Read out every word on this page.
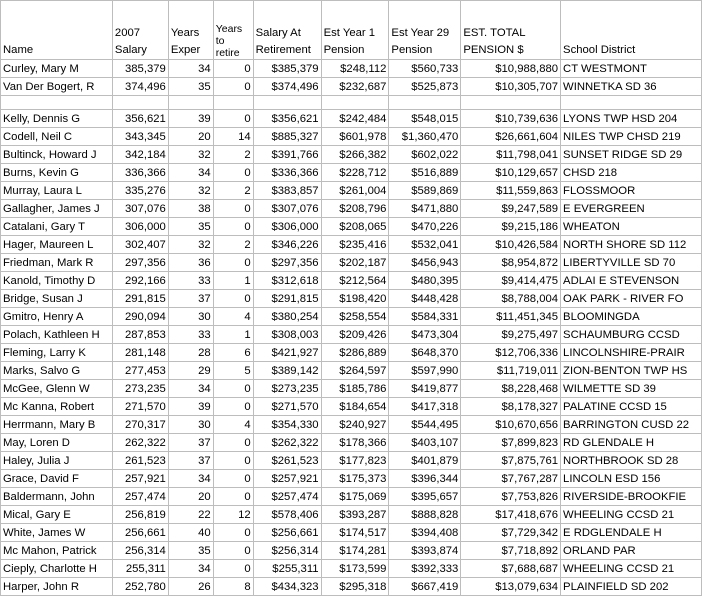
Name	2007 Salary	Years Exper	Years to retire	Salary At Retirement	Est Year 1 Pension	Est Year 29 Pension	EST. TOTAL PENSION $	School District
Curley, Mary M	385,379	34	0	$385,379	$248,112	$560,733	$10,988,880	CT WESTMONT
Van Der Bogert, R	374,496	35	0	$374,496	$232,687	$525,873	$10,305,707	WINNETKA SD 36

Kelly, Dennis G	356,621	39	0	$356,621	$242,484	$548,015	$10,739,636	LYONS TWP HSD 204
Codell, Neil C	343,345	20	14	$885,327	$601,978	$1,360,470	$26,661,604	NILES TWP CHSD 219
Bultinck, Howard J	342,184	32	2	$391,766	$266,382	$602,022	$11,798,041	SUNSET RIDGE SD 29
Burns, Kevin G	336,366	34	0	$336,366	$228,712	$516,889	$10,129,657	CHSD 218
Murray, Laura L	335,276	32	2	$383,857	$261,004	$589,869	$11,559,863	FLOSSMOOR
Gallagher, James J	307,076	38	0	$307,076	$208,796	$471,880	$9,247,589	E EVERGREEN
Catalani, Gary T	306,000	35	0	$306,000	$208,065	$470,226	$9,215,186	WHEATON
Hager, Maureen L	302,407	32	2	$346,226	$235,416	$532,041	$10,426,584	NORTH SHORE SD 112
Friedman, Mark R	297,356	36	0	$297,356	$202,187	$456,943	$8,954,872	LIBERTYVILLE SD 70
Kanold, Timothy D	292,166	33	1	$312,618	$212,564	$480,395	$9,414,475	ADLAI E STEVENSON
Bridge, Susan J	291,815	37	0	$291,815	$198,420	$448,428	$8,788,004	OAK PARK - RIVER FO
Gmitro, Henry A	290,094	30	4	$380,254	$258,554	$584,331	$11,451,345	BLOOMINGDA
Polach, Kathleen H	287,853	33	1	$308,003	$209,426	$473,304	$9,275,497	SCHAUMBURG CCSD
Fleming, Larry K	281,148	28	6	$421,927	$286,889	$648,370	$12,706,336	LINCOLNSHIRE-PRAIR
Marks, Salvo G	277,453	29	5	$389,142	$264,597	$597,990	$11,719,011	ZION-BENTON TWP HS
McGee, Glenn W	273,235	34	0	$273,235	$185,786	$419,877	$8,228,468	WILMETTE SD 39
Mc Kanna, Robert	271,570	39	0	$271,570	$184,654	$417,318	$8,178,327	PALATINE CCSD 15
Herrmann, Mary B	270,317	30	4	$354,330	$240,927	$544,495	$10,670,656	BARRINGTON CUSD 22
May, Loren D	262,322	37	0	$262,322	$178,366	$403,107	$7,899,823	RD GLENDALE H
Haley, Julia J	261,523	37	0	$261,523	$177,823	$401,879	$7,875,761	NORTHBROOK SD 28
Grace, David F	257,921	34	0	$257,921	$175,373	$396,344	$7,767,287	LINCOLN ESD 156
Baldermann, John	257,474	20	0	$257,474	$175,069	$395,657	$7,753,826	RIVERSIDE-BROOKFIE
Mical, Gary E	256,819	22	12	$578,406	$393,287	$888,828	$17,418,676	WHEELING CCSD 21
White, James W	256,661	40	0	$256,661	$174,517	$394,408	$7,729,342	E RDGLENDALE H
Mc Mahon, Patrick	256,314	35	0	$256,314	$174,281	$393,874	$7,718,892	ORLAND PAR
Cieply, Charlotte H	255,311	34	0	$255,311	$173,599	$392,333	$7,688,687	WHEELING CCSD 21
Harper, John R	252,780	26	8	$434,323	$295,318	$667,419	$13,079,634	PLAINFIELD SD 202
